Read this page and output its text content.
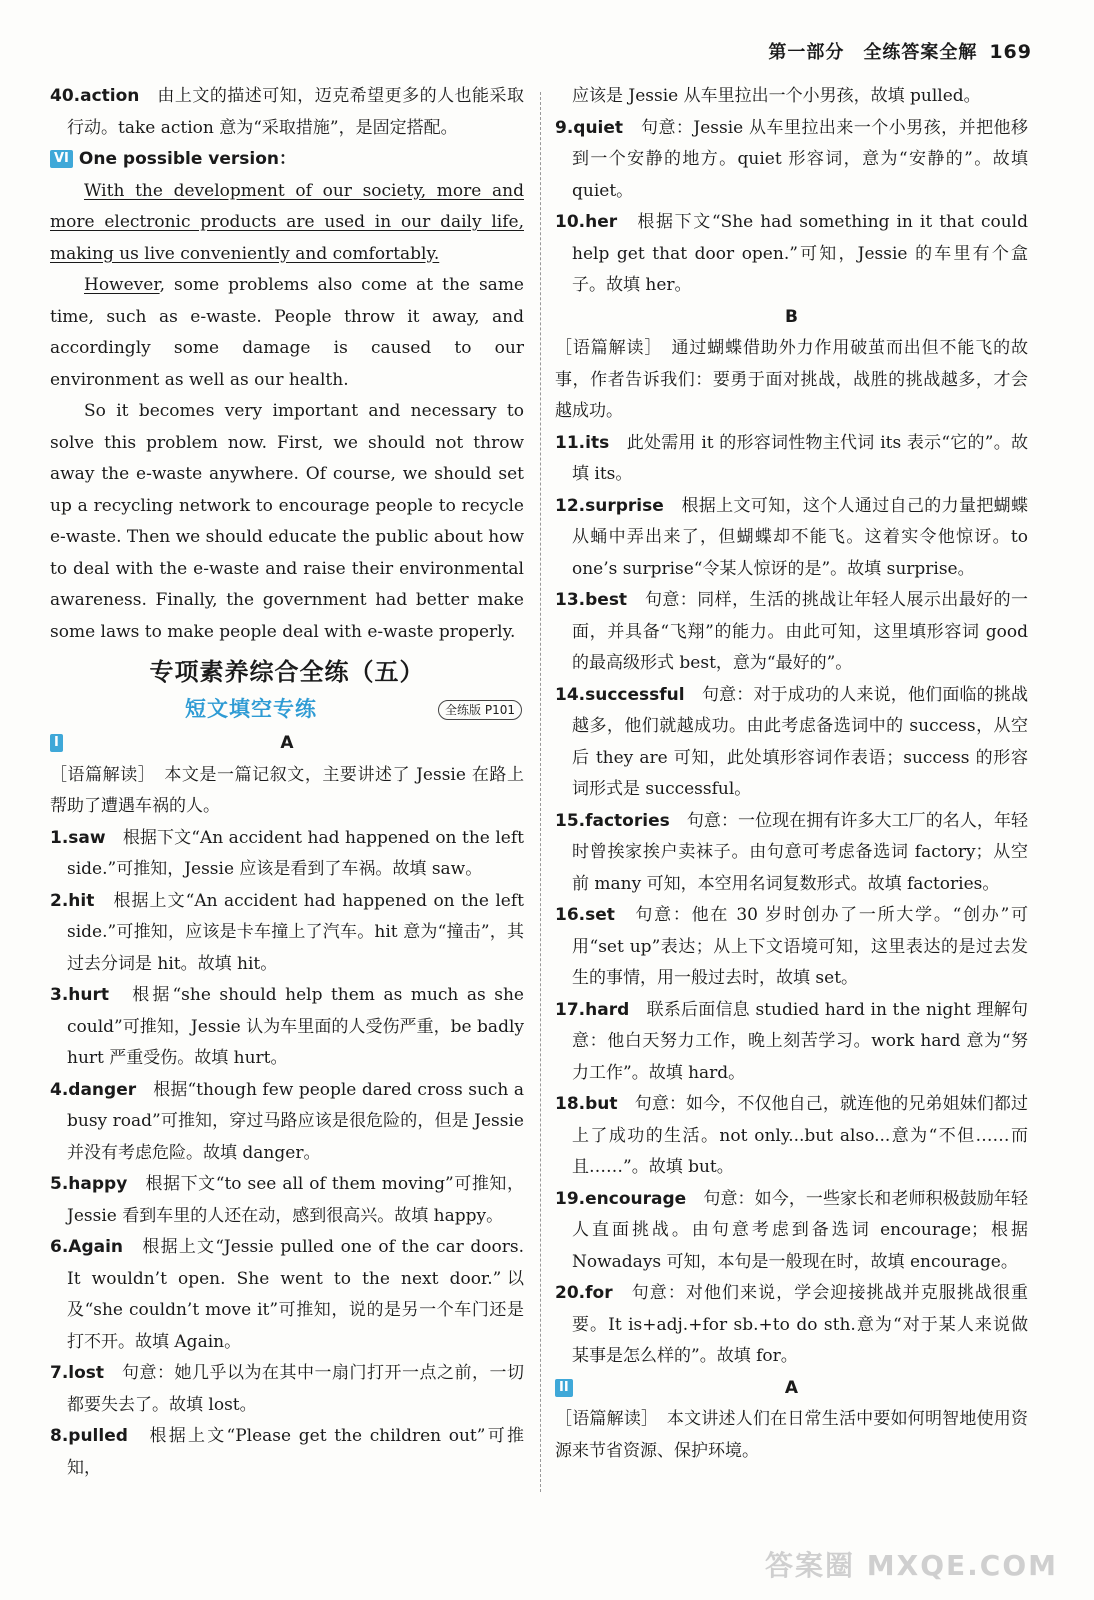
第一部分　全练答案全解 169

40.action　 由上文的描述可知，迈克希望更多的人也能采取行动。take action 意为“采取措施”，是固定搭配。

VI One possible version：

With the development of our society, more and more electronic products are used in our daily life, making us live conveniently and comfortably.

However, some problems also come at the same time, such as e-waste. People throw it away, and accordingly some damage is caused to our environment as well as our health.

So it becomes very important and necessary to solve this problem now. First, we should not throw away the e-waste anywhere. Of course, we should set up a recycling network to encourage people to recycle e-waste. Then we should educate the public about how to deal with the e-waste and raise their environmental awareness. Finally, the government had better make some laws to make people deal with e-waste properly.

专项素养综合全练（五）
短文填空专练	全练版 P101

I	A

［语篇解读］　本文是一篇记叙文，主要讲述了 Jessie 在路上帮助了遭遇车祸的人。

1.saw　 根据下文“An accident had happened on the left side.”可推知，Jessie 应该是看到了车祸。故填 saw。

2.hit　 根据上文“An accident had happened on the left side.”可推知，应该是卡车撞上了汽车。hit 意为“撞击”，其过去分词是 hit。故填 hit。

3.hurt　 根据“she should help them as much as she could”可推知，Jessie 认为车里面的人受伤严重，be badly hurt 严重受伤。故填 hurt。

4.danger　 根据“though few people dared cross such a busy road”可推知，穿过马路应该是很危险的，但是 Jessie 并没有考虑危险。故填 danger。

5.happy　 根据下文“to see all of them moving”可推知，Jessie 看到车里的人还在动，感到很高兴。故填 happy。

6.Again　 根据上文“Jessie pulled one of the car doors. It wouldn’t open. She went to the next door.”以及“she couldn’t move it”可推知，说的是另一个车门还是打不开。故填 Again。

7.lost　 句意：她几乎以为在其中一扇门打开一点之前，一切都要失去了。故填 lost。

8.pulled　 根据上文“Please get the children out”可推知，

应该是 Jessie 从车里拉出一个小男孩，故填 pulled。

9.quiet　 句意：Jessie 从车里拉出来一个小男孩，并把他移到一个安静的地方。quiet 形容词，意为“安静的”。故填 quiet。

10.her　 根据下文“She had something in it that could help get that door open.”可知，Jessie 的车里有个盒子。故填 her。

B

［语篇解读］　通过蝴蝶借助外力作用破茧而出但不能飞的故事，作者告诉我们：要勇于面对挑战，战胜的挑战越多，才会越成功。

11.its　 此处需用 it 的形容词性物主代词 its 表示“它的”。故填 its。

12.surprise　 根据上文可知，这个人通过自己的力量把蝴蝶从蛹中弄出来了，但蝴蝶却不能飞。这着实令他惊讶。to one’s surprise“令某人惊讶的是”。故填 surprise。

13.best　 句意：同样，生活的挑战让年轻人展示出最好的一面，并具备“飞翔”的能力。由此可知，这里填形容词 good 的最高级形式 best，意为“最好的”。

14.successful　 句意：对于成功的人来说，他们面临的挑战越多，他们就越成功。由此考虑备选词中的 success，从空后 they are 可知，此处填形容词作表语；success 的形容词形式是 successful。

15.factories　 句意：一位现在拥有许多大工厂的名人，年轻时曾挨家挨户卖袜子。由句意可考虑备选词 factory；从空前 many 可知，本空用名词复数形式。故填 factories。

16.set　 句意：他在 30 岁时创办了一所大学。“创办”可用“set up”表达；从上下文语境可知，这里表达的是过去发生的事情，用一般过去时，故填 set。

17.hard　 联系后面信息 studied hard in the night 理解句意：他白天努力工作，晚上刻苦学习。work hard 意为“努力工作”。故填 hard。

18.but　 句意：如今，不仅他自己，就连他的兄弟姐妹们都过上了成功的生活。not only...but also...意为“不但……而且……”。故填 but。

19.encourage　 句意：如今，一些家长和老师积极鼓励年轻人直面挑战。由句意考虑到备选词 encourage；根据 Nowadays 可知，本句是一般现在时，故填 encourage。

20.for　 句意：对他们来说，学会迎接挑战并克服挑战很重要。It is+adj.+for sb.+to do sth.意为“对于某人来说做某事是怎么样的”。故填 for。

II	A

［语篇解读］　本文讲述人们在日常生活中要如何明智地使用资源来节省资源、保护环境。

答案圈 MXQE.COM
